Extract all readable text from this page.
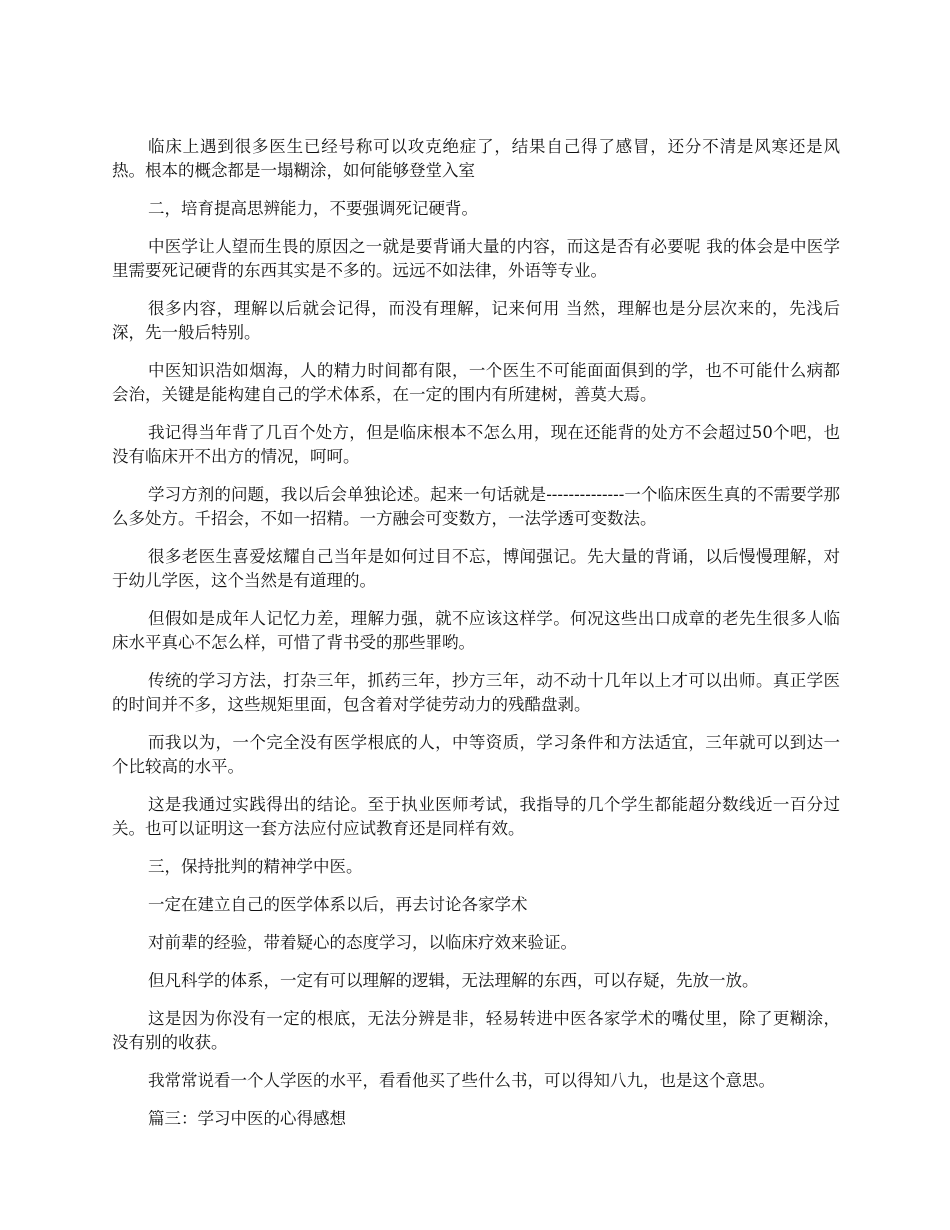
临床上遇到很多医生已经号称可以攻克绝症了，结果自己得了感冒，还分不清是风寒还是风热。根本的概念都是一塌糊涂，如何能够登堂入室

二，培育提高思辨能力，不要强调死记硬背。

中医学让人望而生畏的原因之一就是要背诵大量的内容，而这是否有必要呢 我的体会是中医学里需要死记硬背的东西其实是不多的。远远不如法律，外语等专业。

很多内容，理解以后就会记得，而没有理解，记来何用 当然，理解也是分层次来的，先浅后深，先一般后特别。

中医知识浩如烟海，人的精力时间都有限，一个医生不可能面面俱到的学，也不可能什么病都会治，关键是能构建自己的学术体系，在一定的围内有所建树，善莫大焉。

我记得当年背了几百个处方，但是临床根本不怎么用，现在还能背的处方不会超过50个吧，也没有临床开不出方的情况，呵呵。

学习方剂的问题，我以后会单独论述。起来一句话就是--------------一个临床医生真的不需要学那么多处方。千招会，不如一招精。一方融会可变数方，一法学透可变数法。

很多老医生喜爱炫耀自己当年是如何过目不忘，博闻强记。先大量的背诵，以后慢慢理解，对于幼儿学医，这个当然是有道理的。

但假如是成年人记忆力差，理解力强，就不应该这样学。何况这些出口成章的老先生很多人临床水平真心不怎么样，可惜了背书受的那些罪哟。

传统的学习方法，打杂三年，抓药三年，抄方三年，动不动十几年以上才可以出师。真正学医的时间并不多，这些规矩里面，包含着对学徒劳动力的残酷盘剥。

而我以为，一个完全没有医学根底的人，中等资质，学习条件和方法适宜，三年就可以到达一个比较高的水平。

这是我通过实践得出的结论。至于执业医师考试，我指导的几个学生都能超分数线近一百分过关。也可以证明这一套方法应付应试教育还是同样有效。

三，保持批判的精神学中医。

一定在建立自己的医学体系以后，再去讨论各家学术

对前辈的经验，带着疑心的态度学习，以临床疗效来验证。

但凡科学的体系，一定有可以理解的逻辑，无法理解的东西，可以存疑，先放一放。

这是因为你没有一定的根底，无法分辨是非，轻易转进中医各家学术的嘴仗里，除了更糊涂，没有别的收获。

我常常说看一个人学医的水平，看看他买了些什么书，可以得知八九，也是这个意思。

篇三：学习中医的心得感想
